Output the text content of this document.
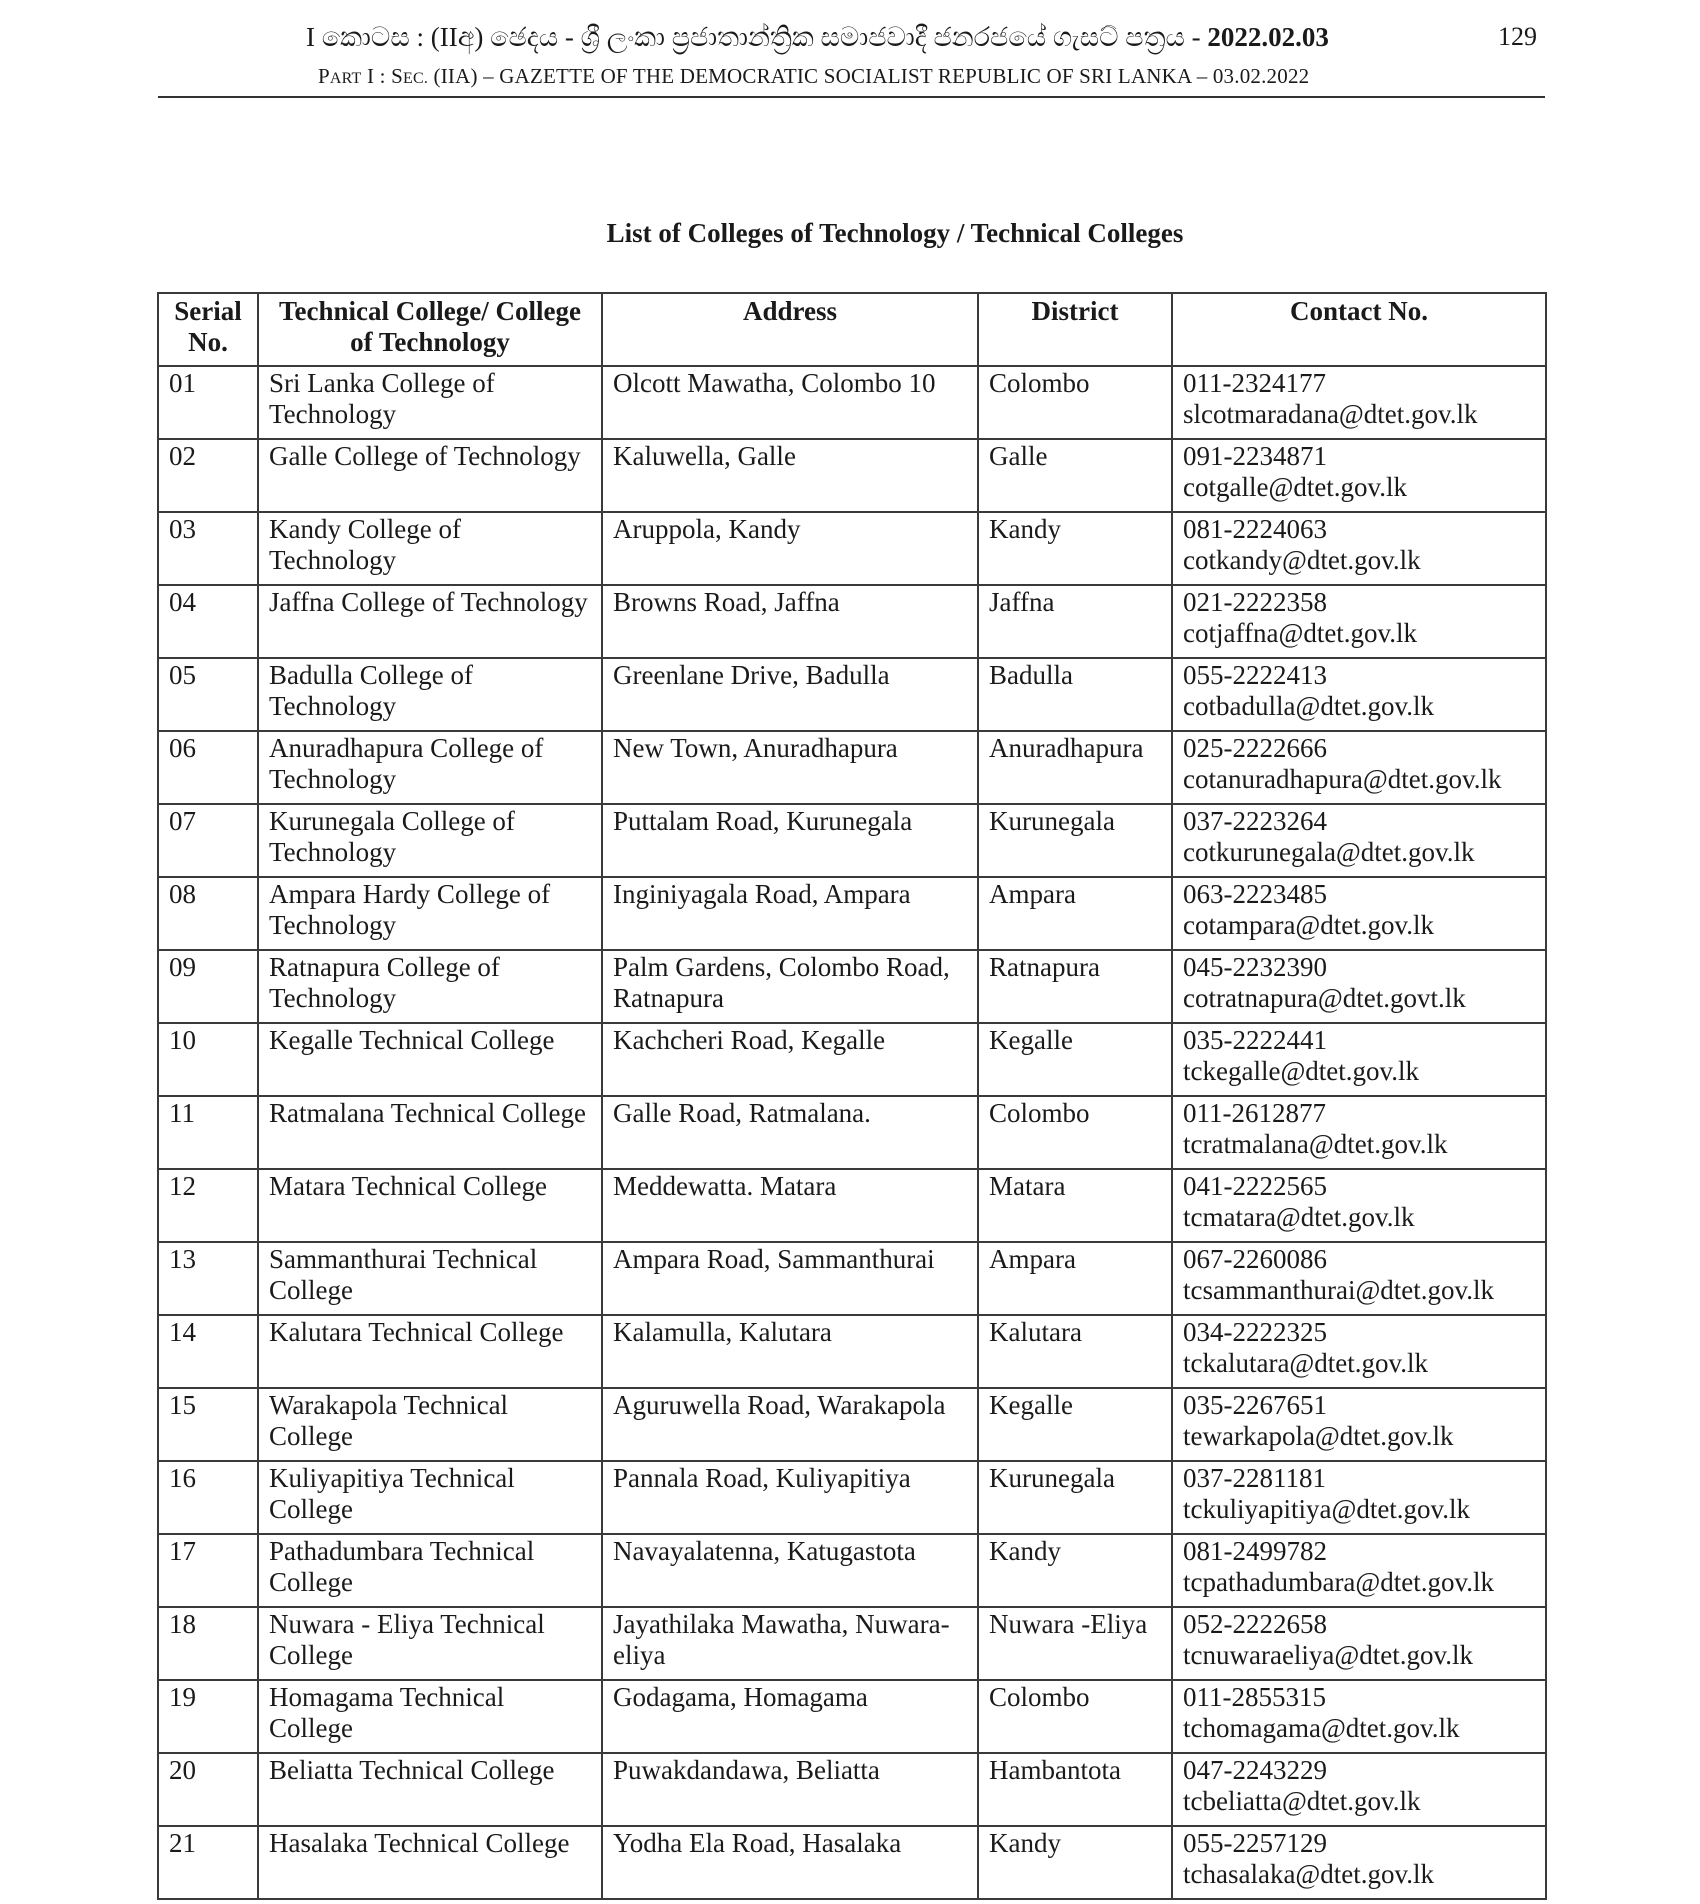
I කොටස : (IIඅ) ඡෙදය - ශ්‍රී ලංකා ප්‍රජාතාන්ත්‍රික සමාජවාදී ජනරජයේ ගැසට් පත්‍රය - 2022.02.03	129
PART I : SEC. (IIA) – GAZETTE OF THE DEMOCRATIC SOCIALIST REPUBLIC OF SRI LANKA – 03.02.2022
List of Colleges of Technology / Technical Colleges
Serial No.	Technical College/ College of Technology	Address	District	Contact No.
01	Sri Lanka College of Technology	Olcott Mawatha, Colombo 10	Colombo	011-2324177
slcotmaradana@dtet.gov.lk

02	Galle College of Technology	Kaluwella, Galle	Galle	091-2234871
cotgalle@dtet.gov.lk

03	Kandy College of Technology	Aruppola, Kandy	Kandy	081-2224063
cotkandy@dtet.gov.lk

04	Jaffna College of Technology	Browns Road, Jaffna	Jaffna	021-2222358
cotjaffna@dtet.gov.lk

05	Badulla College of Technology	Greenlane Drive, Badulla	Badulla	055-2222413
cotbadulla@dtet.gov.lk

06	Anuradhapura College of Technology	New Town, Anuradhapura	Anuradhapura	025-2222666
cotanuradhapura@dtet.gov.lk

07	Kurunegala College of Technology	Puttalam Road, Kurunegala	Kurunegala	037-2223264
cotkurunegala@dtet.gov.lk

08	Ampara Hardy College of Technology	Inginiyagala Road, Ampara	Ampara	063-2223485
cotampara@dtet.gov.lk

09	Ratnapura College of Technology	Palm Gardens, Colombo Road, Ratnapura	Ratnapura	045-2232390
cotratnapura@dtet.govt.lk

10	Kegalle Technical College	Kachcheri Road, Kegalle	Kegalle	035-2222441
tckegalle@dtet.gov.lk

11	Ratmalana Technical College	Galle Road, Ratmalana.	Colombo	011-2612877
tcratmalana@dtet.gov.lk

12	Matara Technical College	Meddewatta. Matara	Matara	041-2222565
tcmatara@dtet.gov.lk

13	Sammanthurai Technical College	Ampara Road, Sammanthurai	Ampara	067-2260086
tcsammanthurai@dtet.gov.lk

14	Kalutara Technical College	Kalamulla, Kalutara	Kalutara	034-2222325
tckalutara@dtet.gov.lk

15	Warakapola Technical College	Aguruwella Road, Warakapola	Kegalle	035-2267651
tewarkapola@dtet.gov.lk

16	Kuliyapitiya Technical College	Pannala Road, Kuliyapitiya	Kurunegala	037-2281181
tckuliyapitiya@dtet.gov.lk

17	Pathadumbara Technical College	Navayalatenna, Katugastota	Kandy	081-2499782
tcpathadumbara@dtet.gov.lk

18	Nuwara - Eliya Technical College	Jayathilaka Mawatha, Nuwara-eliya	Nuwara -Eliya	052-2222658
tcnuwaraeliya@dtet.gov.lk

19	Homagama Technical College	Godagama, Homagama	Colombo	011-2855315
tchomagama@dtet.gov.lk

20	Beliatta Technical College	Puwakdandawa, Beliatta	Hambantota	047-2243229
tcbeliatta@dtet.gov.lk

21	Hasalaka Technical College	Yodha Ela Road, Hasalaka	Kandy	055-2257129
tchasalaka@dtet.gov.lk
